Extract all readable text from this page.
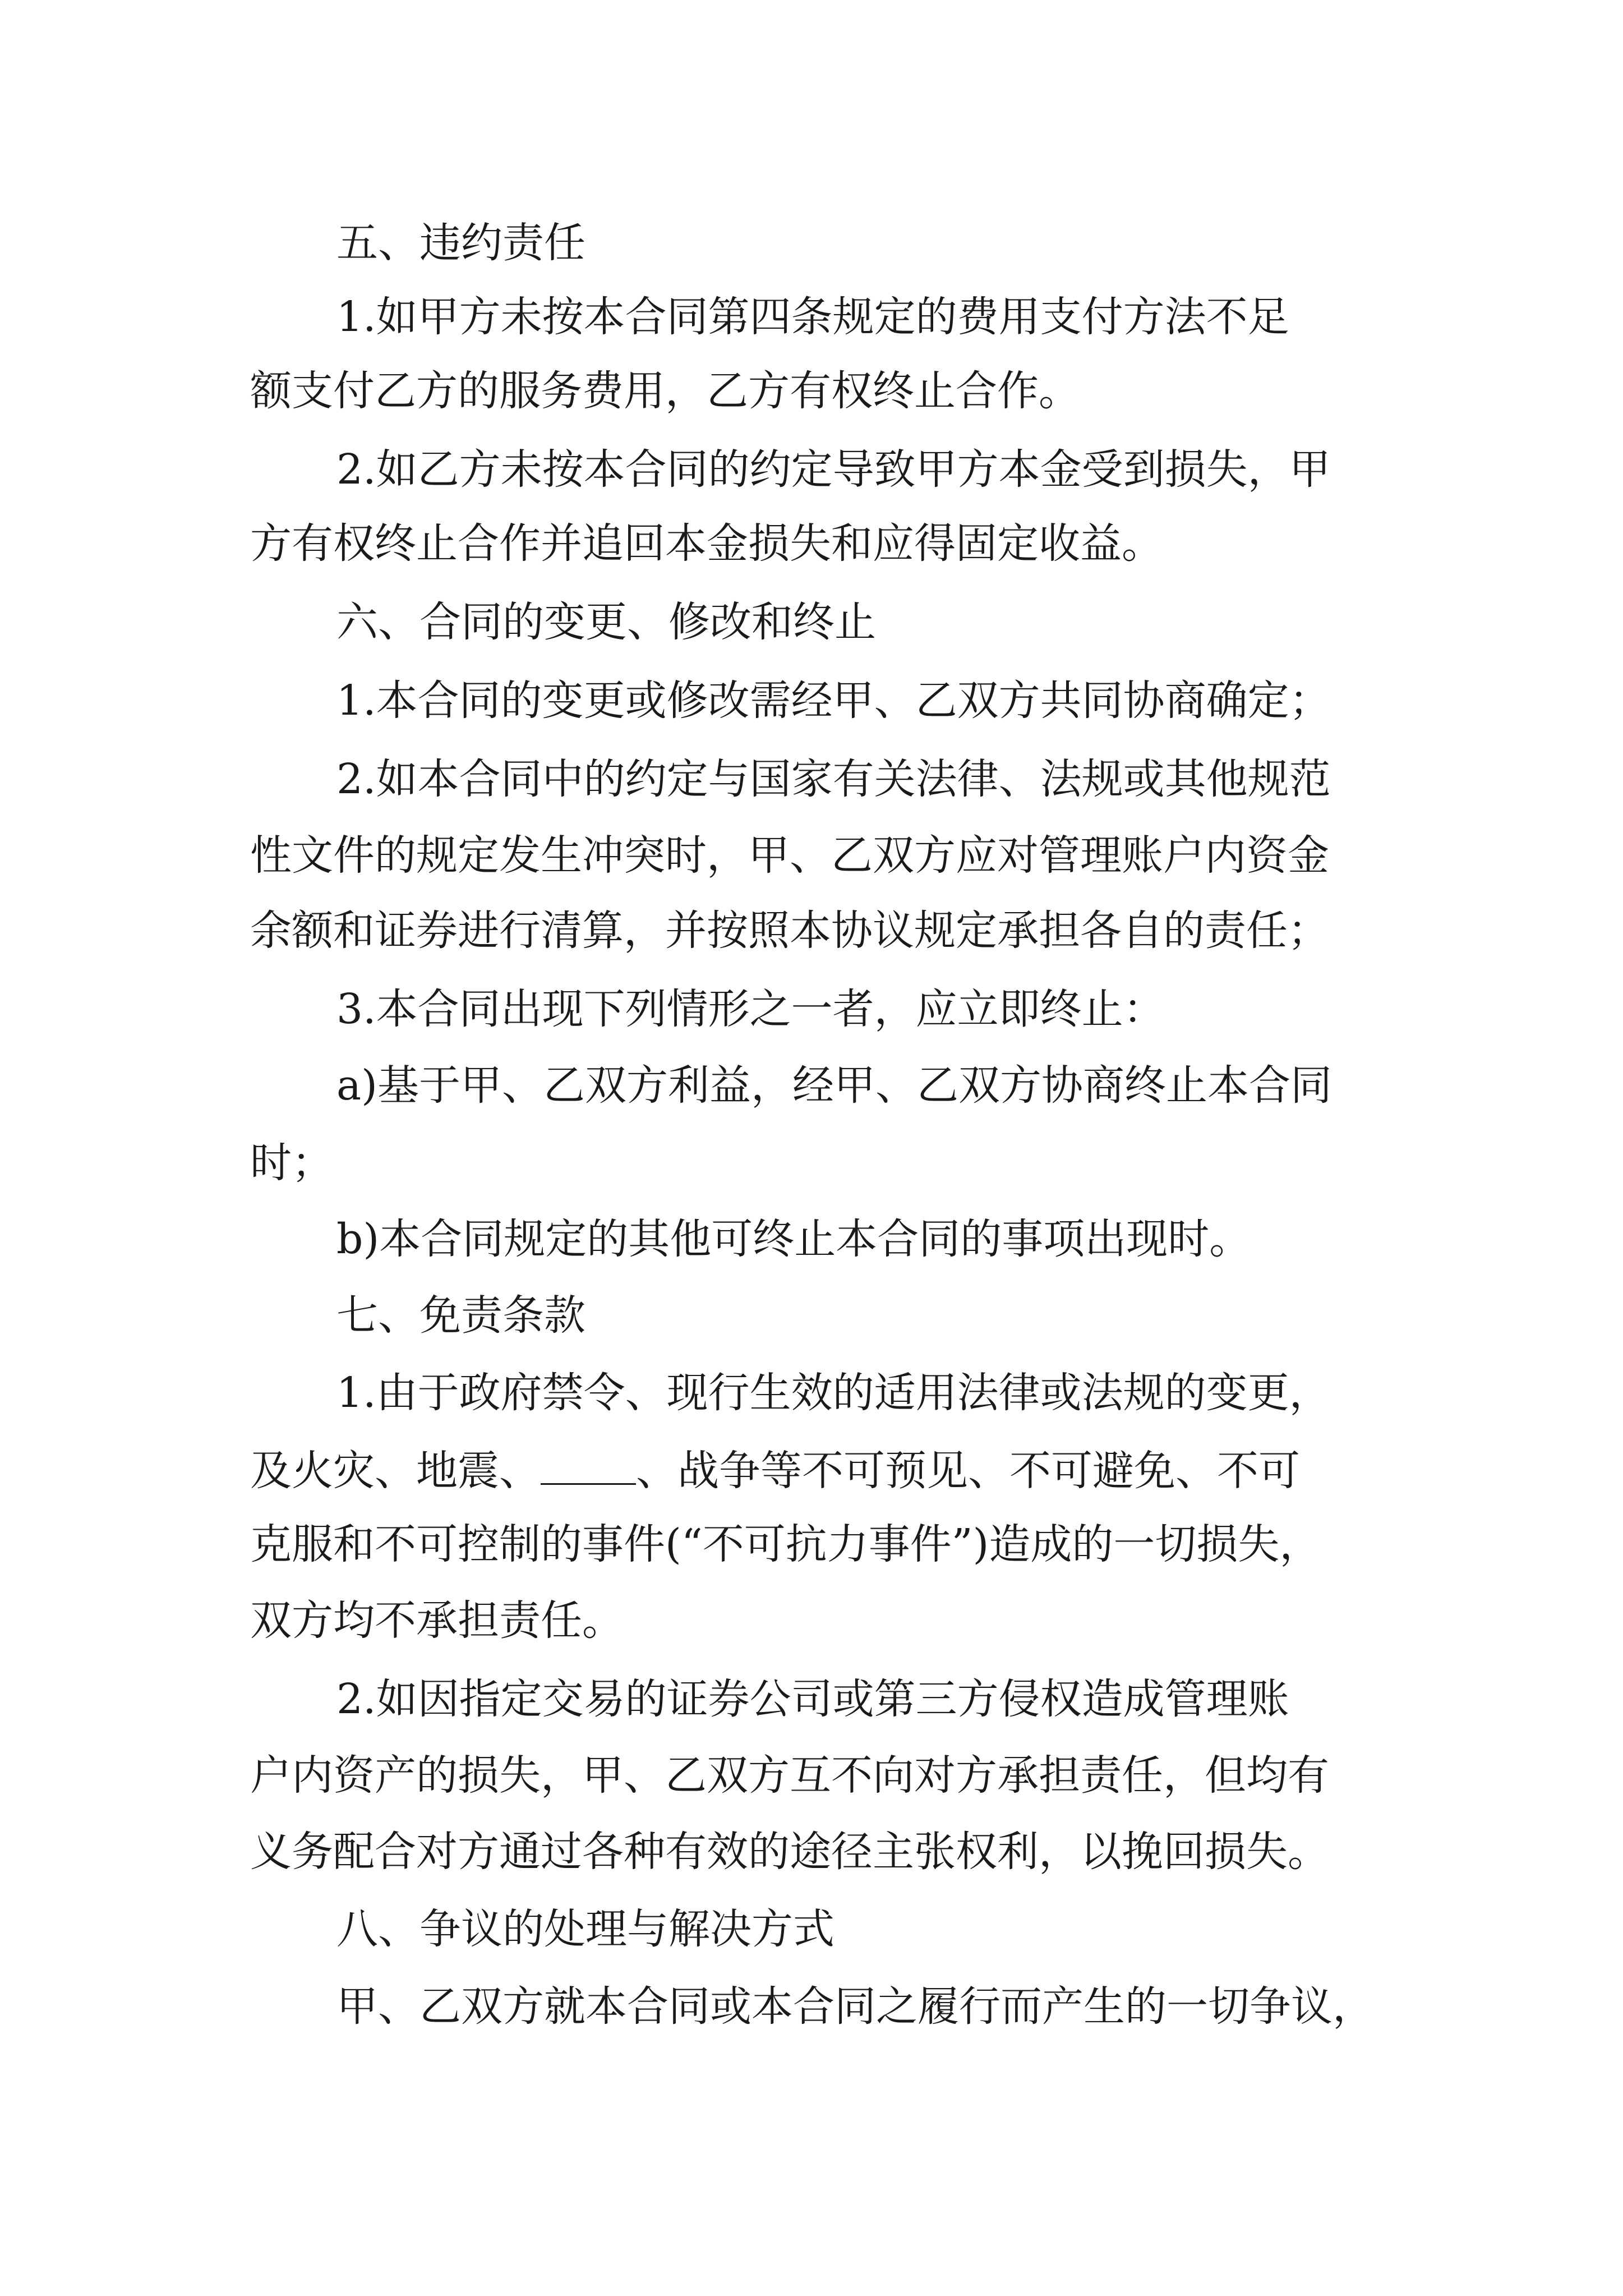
五、违约责任
1.如甲方未按本合同第四条规定的费用支付方法不足
额支付乙方的服务费用，乙方有权终止合作。
2.如乙方未按本合同的约定导致甲方本金受到损失，甲
方有权终止合作并追回本金损失和应得固定收益。
六、合同的变更、修改和终止
1.本合同的变更或修改需经甲、乙双方共同协商确定；
2.如本合同中的约定与国家有关法律、法规或其他规范
性文件的规定发生冲突时，甲、乙双方应对管理账户内资金
余额和证券进行清算，并按照本协议规定承担各自的责任；
3.本合同出现下列情形之一者，应立即终止：
a)基于甲、乙双方利益，经甲、乙双方协商终止本合同
时；
b)本合同规定的其他可终止本合同的事项出现时。
七、免责条款
1.由于政府禁令、现行生效的适用法律或法规的变更，
及火灾、地震、 、战争等不可预见、不可避免、不可
克服和不可控制的事件(“不可抗力事件”)造成的一切损失，
双方均不承担责任。
2.如因指定交易的证券公司或第三方侵权造成管理账
户内资产的损失，甲、乙双方互不向对方承担责任，但均有
义务配合对方通过各种有效的途径主张权利，以挽回损失。
八、争议的处理与解决方式
甲、乙双方就本合同或本合同之履行而产生的一切争议，
